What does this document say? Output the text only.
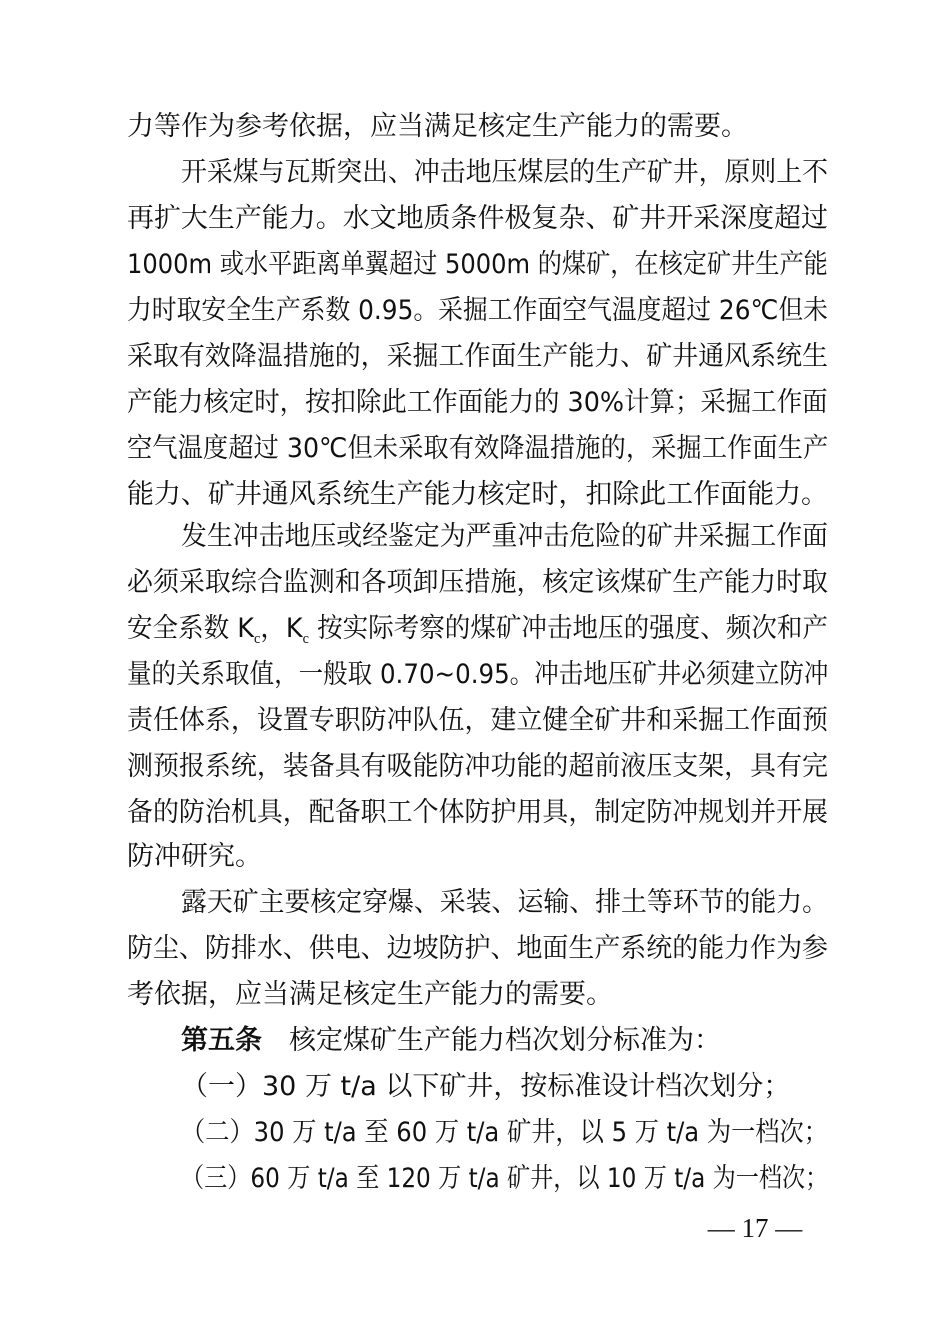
力等作为参考依据，应当满足核定生产能力的需要。

开采煤与瓦斯突出、冲击地压煤层的生产矿井，原则上不

再扩大生产能力。水文地质条件极复杂、矿井开采深度超过

1000m 或水平距离单翼超过 5000m 的煤矿，在核定矿井生产能

力时取安全生产系数 0.95。采掘工作面空气温度超过 26℃但未

采取有效降温措施的，采掘工作面生产能力、矿井通风系统生

产能力核定时，按扣除此工作面能力的 30%计算；采掘工作面

空气温度超过 30℃但未采取有效降温措施的，采掘工作面生产

能力、矿井通风系统生产能力核定时，扣除此工作面能力。

发生冲击地压或经鉴定为严重冲击危险的矿井采掘工作面

必须采取综合监测和各项卸压措施，核定该煤矿生产能力时取

安全系数 $K_c$，$K_c$ 按实际考察的煤矿冲击地压的强度、频次和产

量的关系取值，一般取 0.70~0.95。冲击地压矿井必须建立防冲

责任体系，设置专职防冲队伍，建立健全矿井和采掘工作面预

测预报系统，装备具有吸能防冲功能的超前液压支架，具有完

备的防治机具，配备职工个体防护用具，制定防冲规划并开展

防冲研究。

露天矿主要核定穿爆、采装、运输、排土等环节的能力。

防尘、防排水、供电、边坡防护、地面生产系统的能力作为参

考依据，应当满足核定生产能力的需要。

第五条　核定煤矿生产能力档次划分标准为：

（一）30 万 t/a 以下矿井，按标准设计档次划分；

（二）30 万 t/a 至 60 万 t/a 矿井，以 5 万 t/a 为一档次；

（三）60 万 t/a 至 120 万 t/a 矿井，以 10 万 t/a 为一档次；

— 17 —
